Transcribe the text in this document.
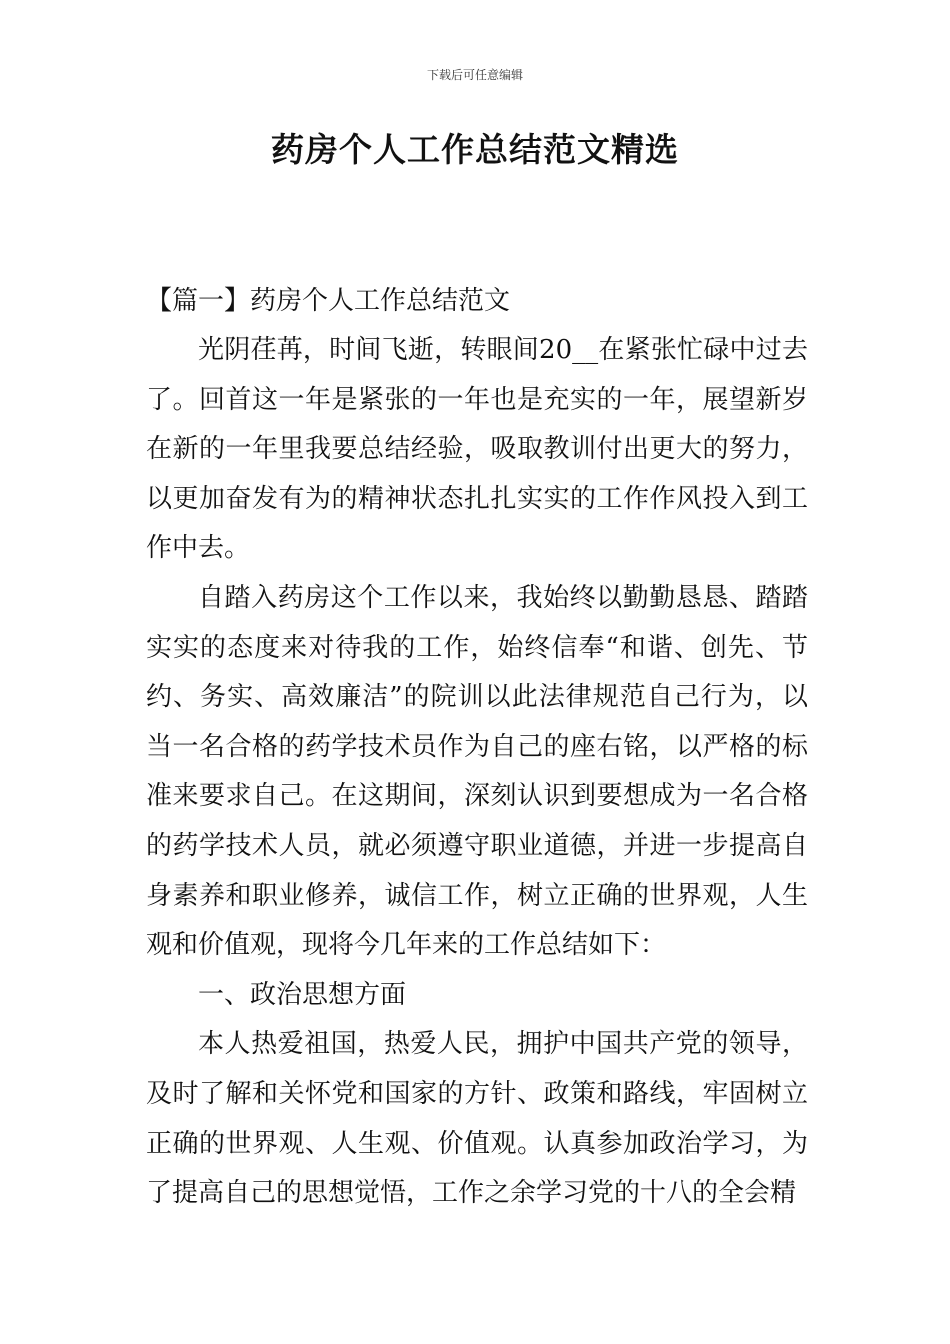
下载后可任意编辑
药房个人工作总结范文精选

【篇一】药房个人工作总结范文

光阴荏苒，时间飞逝，转眼间20__在紧张忙碌中过去了。回首这一年是紧张的一年也是充实的一年，展望新岁在新的一年里我要总结经验，吸取教训付出更大的努力，以更加奋发有为的精神状态扎扎实实的工作作风投入到工作中去。

自踏入药房这个工作以来，我始终以勤勤恳恳、踏踏实实的态度来对待我的工作，始终信奉“和谐、创先、节约、务实、高效廉洁”的院训以此法律规范自己行为，以当一名合格的药学技术员作为自己的座右铭，以严格的标准来要求自己。在这期间，深刻认识到要想成为一名合格的药学技术人员，就必须遵守职业道德，并进一步提高自身素养和职业修养，诚信工作，树立正确的世界观，人生观和价值观，现将今几年来的工作总结如下：

一、政治思想方面

本人热爱祖国，热爱人民，拥护中国共产党的领导，及时了解和关怀党和国家的方针、政策和路线，牢固树立正确的世界观、人生观、价值观。认真参加政治学习，为了提高自己的思想觉悟，工作之余学习党的十八的全会精
